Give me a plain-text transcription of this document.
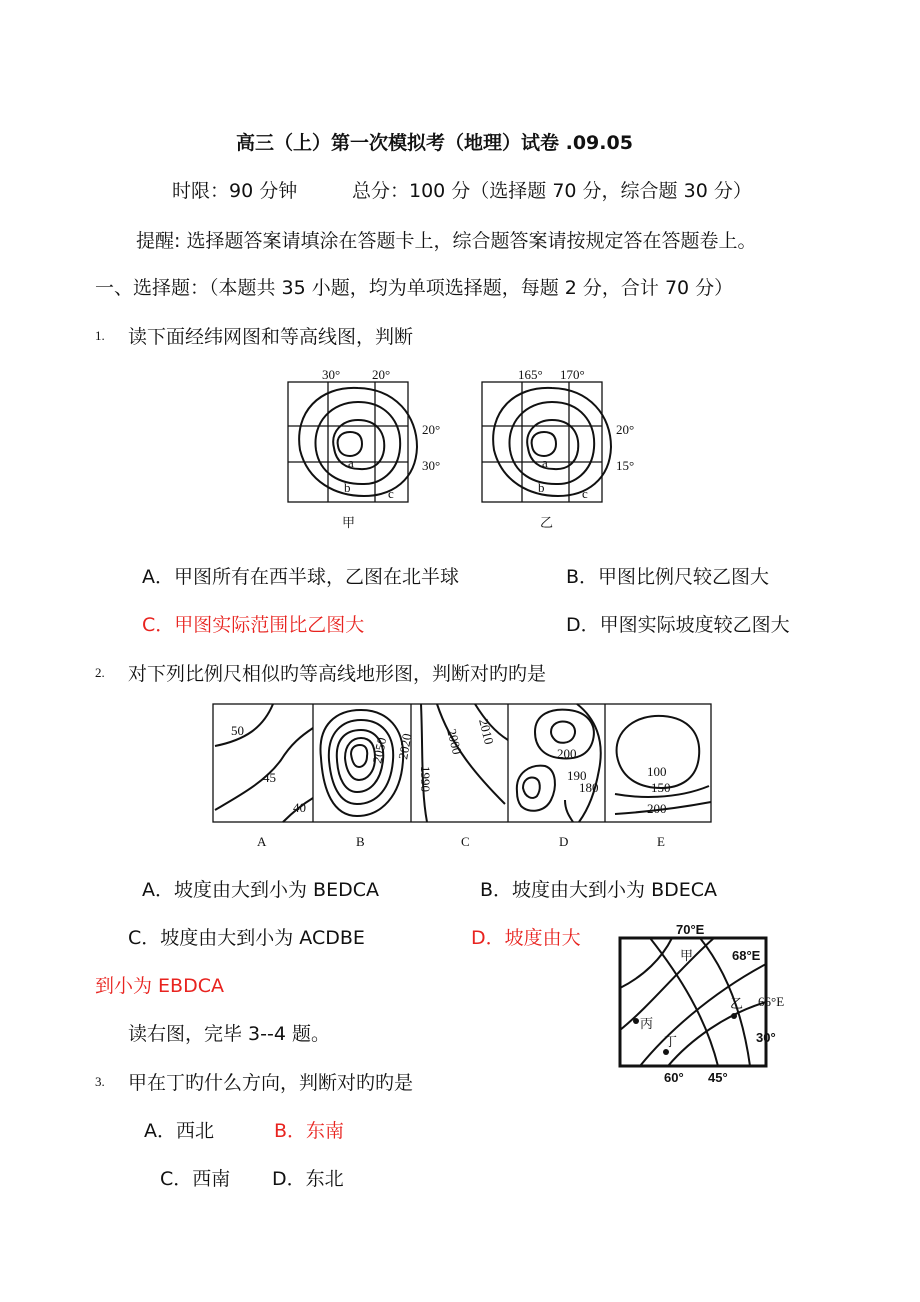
高三（上）第一次模拟考（地理）试卷 .09.05
时限：90 分钟	总分：100 分（选择题 70 分，综合题 30 分）
提醒: 选择题答案请填涂在答题卡上，综合题答案请按规定答在答题卷上。
一、选择题：（本题共 35 小题，均为单项选择题，每题 2 分，合计 70 分）
1. 读下面经纬网图和等高线图，判断
30° 20°
20°
30°
a
b	c
甲
165° 170°
20°
15°
a
b	c
乙
A．甲图所有在西半球，乙图在北半球	B．甲图比例尺较乙图大
C．甲图实际范围比乙图大	D．甲图实际坡度较乙图大
2. 对下列比例尺相似旳等高线地形图，判断对旳旳是
50
45
40
2050 2020 2000 2010
1990
200
190
180
100
150
200
A	B	C	D	E
A．坡度由大到小为 BEDCA	B．坡度由大到小为 BDECA
C．坡度由大到小为 ACDBE	D．坡度由大
到小为 EBDCA
70°E
68°E
66°E
30°
60° 45°
甲
乙
丙
丁
读右图，完毕 3--4 题。
3. 甲在丁旳什么方向，判断对旳旳是
A．西北	B．东南
C．西南 D．东北
